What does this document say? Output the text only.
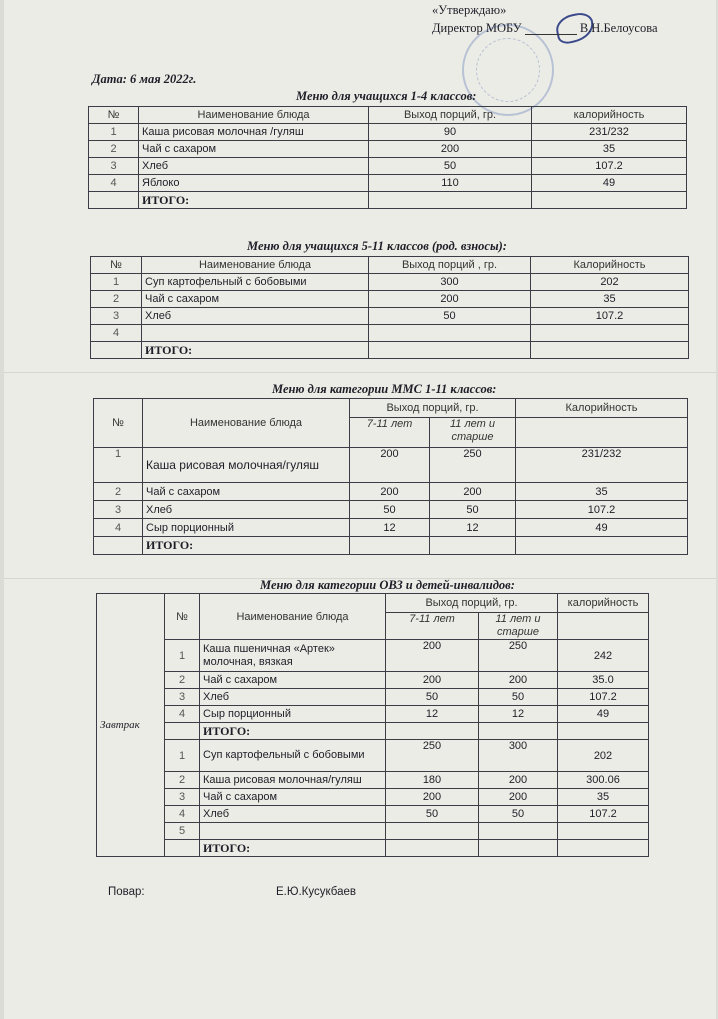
«Утверждаю»
Директор МОБУ	В.Н.Белоусова
Дата: 6 мая 2022г.
Меню для учащихся 1-4 классов:
№	Наименование блюда	Выход порций, гр.	калорийность
1	Каша рисовая молочная /гуляш	90	231/232
2	Чай с сахаром	200	35
3	Хлеб	50	107.2
4	Яблоко	110	49
	ИТОГО:		
Меню для учащихся 5-11 классов (род. взносы):
№	Наименование блюда	Выход порций , гр.	Калорийность
1	Суп картофельный с бобовыми	300	202
2	Чай с сахаром	200	35
3	Хлеб	50	107.2
4			
	ИТОГО:		
Меню для категории ММС 1-11 классов:
№	Наименование блюда	Выход порций, гр.		Калорийность
		7-11 лет	11 лет и старше	
1	Каша рисовая молочная/гуляш	200	250	231/232
2	Чай с сахаром	200	200	35
3	Хлеб	50	50	107.2
4	Сыр порционный	12	12	49
	ИТОГО:			
Меню для категории ОВЗ и детей-инвалидов:
Завтрак	№	Наименование блюда	Выход порций, гр.		калорийность
			7-11 лет	11 лет и старше	
	1	Каша пшеничная «Артек» молочная, вязкая	200	250	242
	2	Чай с сахаром	200	200	35.0
	3	Хлеб	50	50	107.2
	4	Сыр порционный	12	12	49
		ИТОГО:			
	1	Суп картофельный с бобовыми	250	300	202
	2	Каша рисовая молочная/гуляш	180	200	300.06
	3	Чай с сахаром	200	200	35
	4	Хлеб	50	50	107.2
	5				
		ИТОГО:			
Повар:	Е.Ю.Кусукбаев
